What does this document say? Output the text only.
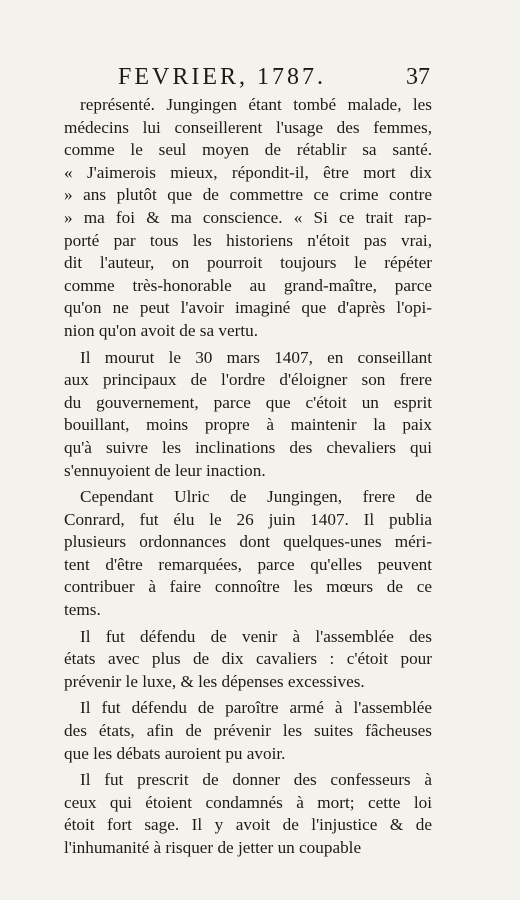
FEVRIER, 1787.	37
représenté. Jungingen étant tombé malade, les
médecins lui conseillerent l'usage des femmes,
comme le seul moyen de rétablir sa santé.
« J'aimerois mieux, répondit-il, être mort dix
» ans plutôt que de commettre ce crime contre
» ma foi & ma conscience. « Si ce trait rap-
porté par tous les historiens n'étoit pas vrai,
dit l'auteur, on pourroit toujours le répéter
comme très-honorable au grand-maître, parce
qu'on ne peut l'avoir imaginé que d'après l'opi-
nion qu'on avoit de sa vertu.
Il mourut le 30 mars 1407, en conseillant
aux principaux de l'ordre d'éloigner son frere
du gouvernement, parce que c'étoit un esprit
bouillant, moins propre à maintenir la paix
qu'à suivre les inclinations des chevaliers qui
s'ennuyoient de leur inaction.
Cependant Ulric de Jungingen, frere de
Conrard, fut élu le 26 juin 1407. Il publia
plusieurs ordonnances dont quelques-unes méri-
tent d'être remarquées, parce qu'elles peuvent
contribuer à faire connoître les mœurs de ce
tems.
Il fut défendu de venir à l'assemblée des
états avec plus de dix cavaliers : c'étoit pour
prévenir le luxe, & les dépenses excessives.
Il fut défendu de paroître armé à l'assemblée
des états, afin de prévenir les suites fâcheuses
que les débats auroient pu avoir.
Il fut prescrit de donner des confesseurs à
ceux qui étoient condamnés à mort; cette loi
étoit fort sage. Il y avoit de l'injustice & de
l'inhumanité à risquer de jetter un coupable
